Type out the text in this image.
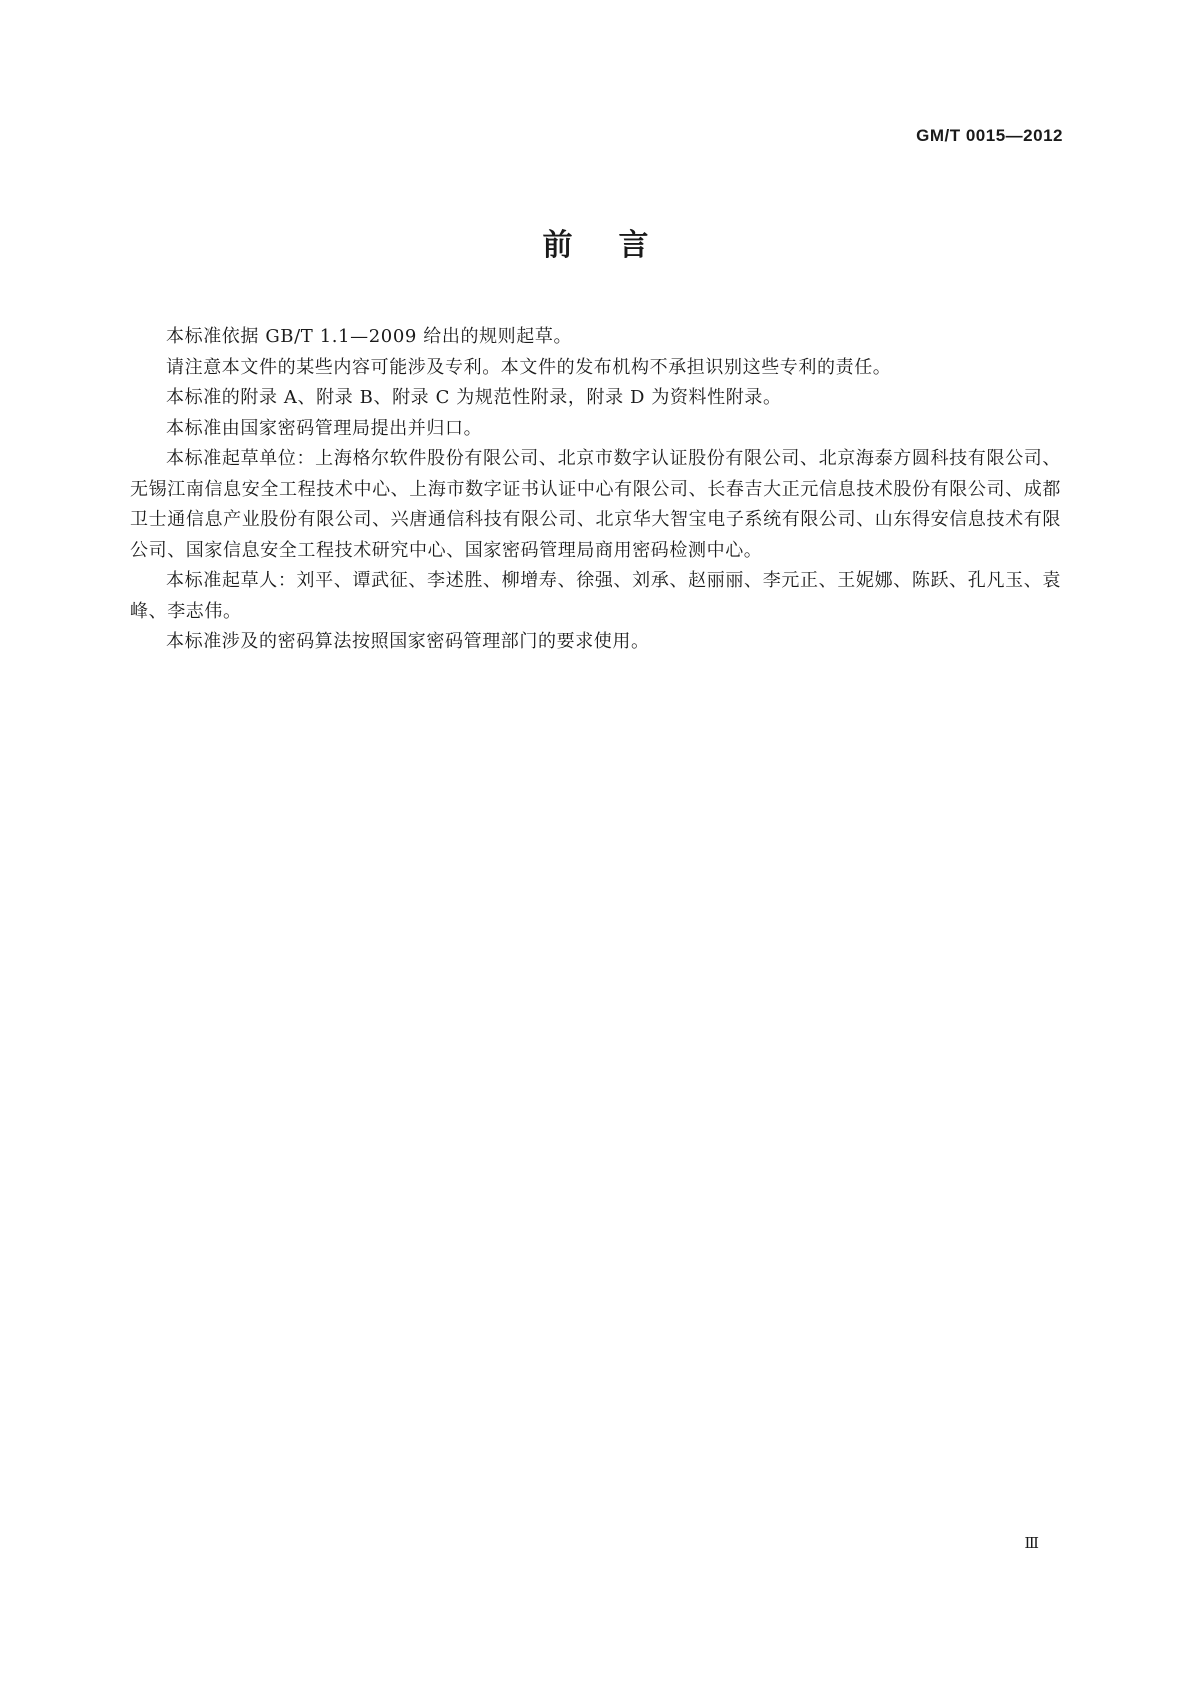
GM/T 0015—2012
前言

本标准依据 GB/T 1.1—2009 给出的规则起草。

请注意本文件的某些内容可能涉及专利。本文件的发布机构不承担识别这些专利的责任。

本标准的附录 A、附录 B、附录 C 为规范性附录，附录 D 为资料性附录。

本标准由国家密码管理局提出并归口。

本标准起草单位：上海格尔软件股份有限公司、北京市数字认证股份有限公司、北京海泰方圆科技有限公司、无锡江南信息安全工程技术中心、上海市数字证书认证中心有限公司、长春吉大正元信息技术股份有限公司、成都卫士通信息产业股份有限公司、兴唐通信科技有限公司、北京华大智宝电子系统有限公司、山东得安信息技术有限公司、国家信息安全工程技术研究中心、国家密码管理局商用密码检测中心。

本标准起草人：刘平、谭武征、李述胜、柳增寿、徐强、刘承、赵丽丽、李元正、王妮娜、陈跃、孔凡玉、袁峰、李志伟。

本标准涉及的密码算法按照国家密码管理部门的要求使用。

Ⅲ
